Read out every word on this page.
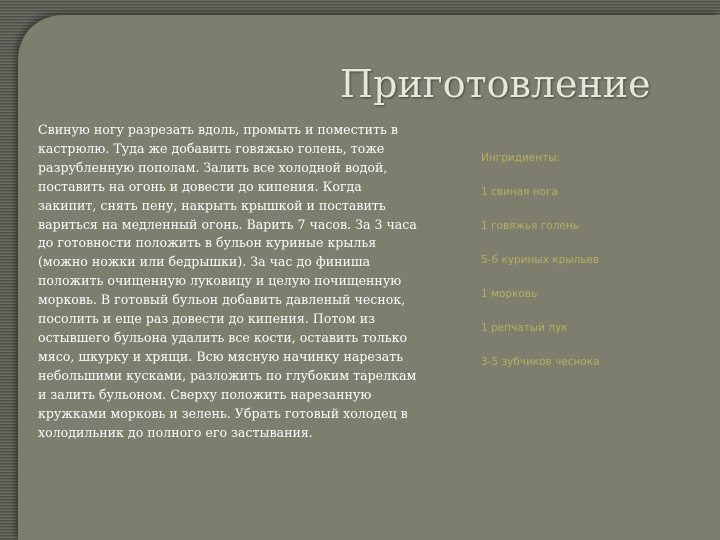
Приготовление

Свиную ногу разрезать вдоль, промыть и поместить в кастрюлю. Туда же добавить говяжью голень, тоже разрубленную пополам. Залить все холодной водой, поставить на огонь и довести до кипения. Когда закипит, снять пену, накрыть крышкой и поставить вариться на медленный огонь. Варить 7 часов. За 3 часа до готовности положить в бульон куриные крылья (можно ножки или бедрышки). За час до финиша положить очищенную луковицу и целую почищенную морковь. В готовый бульон добавить давленый чеснок, посолить и еще раз довести до кипения. Потом из остывшего бульона удалить все кости, оставить только мясо, шкурку и хрящи. Всю мясную начинку нарезать небольшими кусками, разложить по глубоким тарелкам и залить бульоном. Сверху положить нарезанную кружками морковь и зелень. Убрать готовый холодец в холодильник до полного его застывания.

Ингридиенты:
1 свиная нога
1 говяжья голень
5-6 куриных крыльев
1 морковь
1 репчатый лук
3-5 зубчиков чеснока
